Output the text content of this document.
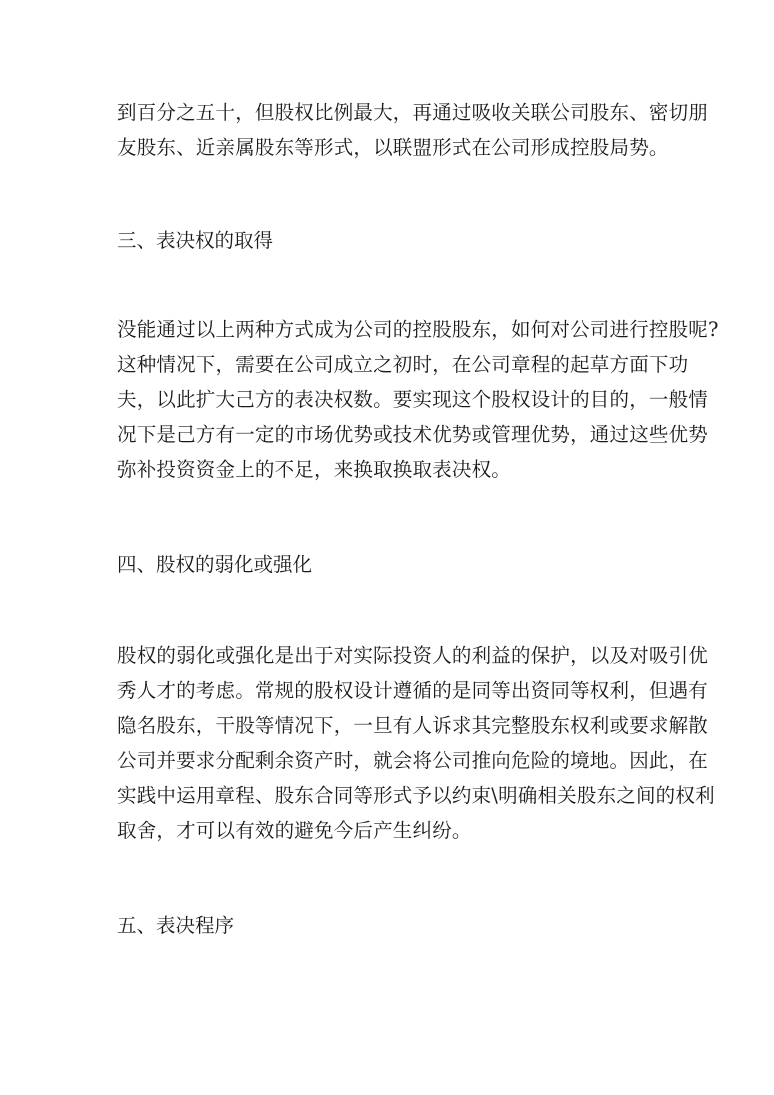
到百分之五十，但股权比例最大，再通过吸收关联公司股东、密切朋
友股东、近亲属股东等形式，以联盟形式在公司形成控股局势。
三、表决权的取得
没能通过以上两种方式成为公司的控股股东，如何对公司进行控股呢?
这种情况下，需要在公司成立之初时，在公司章程的起草方面下功
夫，以此扩大己方的表决权数。要实现这个股权设计的目的，一般情
况下是己方有一定的市场优势或技术优势或管理优势，通过这些优势
弥补投资资金上的不足，来换取换取表决权。
四、股权的弱化或强化
股权的弱化或强化是出于对实际投资人的利益的保护，以及对吸引优
秀人才的考虑。常规的股权设计遵循的是同等出资同等权利，但遇有
隐名股东，干股等情况下，一旦有人诉求其完整股东权利或要求解散
公司并要求分配剩余资产时，就会将公司推向危险的境地。因此，在
实践中运用章程、股东合同等形式予以约束\明确相关股东之间的权利
取舍，才可以有效的避免今后产生纠纷。
五、表决程序
